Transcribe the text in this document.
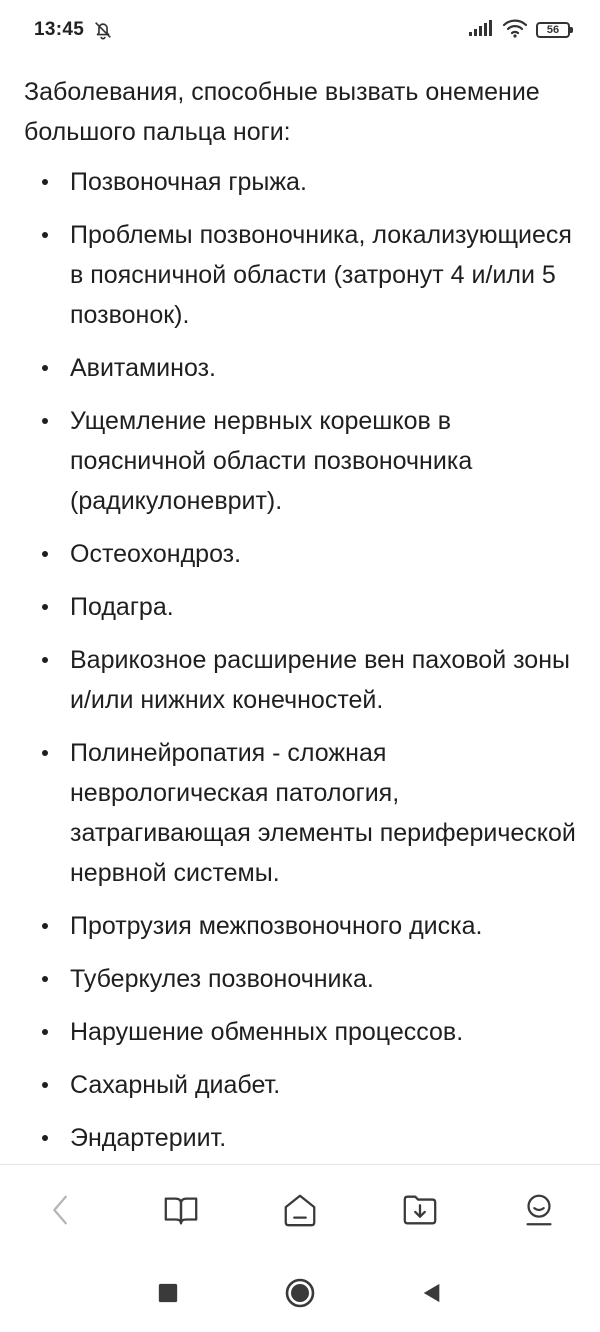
13:45	56

Заболевания, способные вызвать онемение большого пальца ноги:

Позвоночная грыжа.
Проблемы позвоночника, локализующиеся в поясничной области (затронут 4 и/или 5 позвонок).
Авитаминоз.
Ущемление нервных корешков в поясничной области позвоночника (радикулоневрит).
Остеохондроз.
Подагра.
Варикозное расширение вен паховой зоны и/или нижних конечностей.
Полинейропатия - сложная неврологическая патология, затрагивающая элементы периферической нервной системы.
Протрузия межпозвоночного диска.
Туберкулез позвоночника.
Нарушение обменных процессов.
Сахарный диабет.
Эндартериит.
